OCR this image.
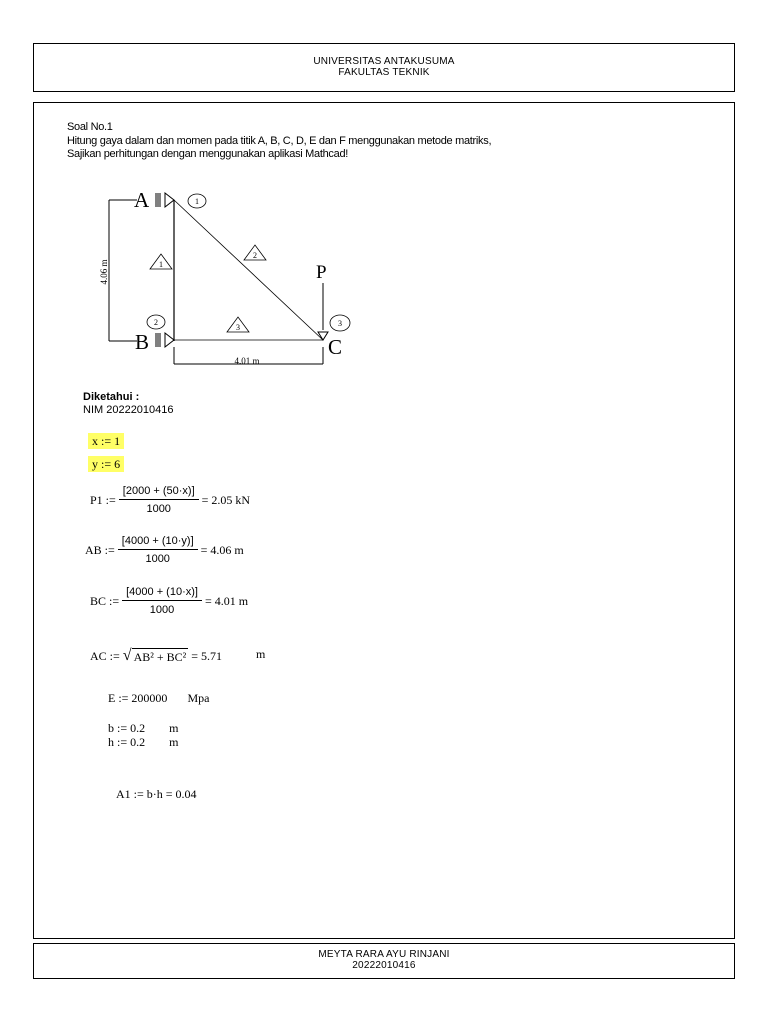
UNIVERSITAS ANTAKUSUMA
FAKULTAS TEKNIK
Soal No.1
Hitung gaya dalam dan momen pada titik A, B, C, D, E dan F menggunakan metode matriks,
Sajikan perhitungan dengan menggunakan aplikasi Mathcad!
4.06 m	P
A
B	C
1
2	3
1
2
3
4.01 m
Diketahui :
NIM 20222010416
x := 1
y := 6
P1 :=
$\frac{[2000 + (50\cdot x)]}{1000}$
= 2.05
kN
AB :=
$\frac{[4000 + (10\cdot y)]}{1000}$
= 4.06
m
BC :=
$\frac{[4000 + (10\cdot x)]}{1000}$
= 4.01
m
AC :=
√ AB² + BC²
= 5.71	m
E := 200000 Mpa
b := 0.2 m
h := 0.2 m
A1 := b·h = 0.04
MEYTA RARA AYU RINJANI
20222010416
